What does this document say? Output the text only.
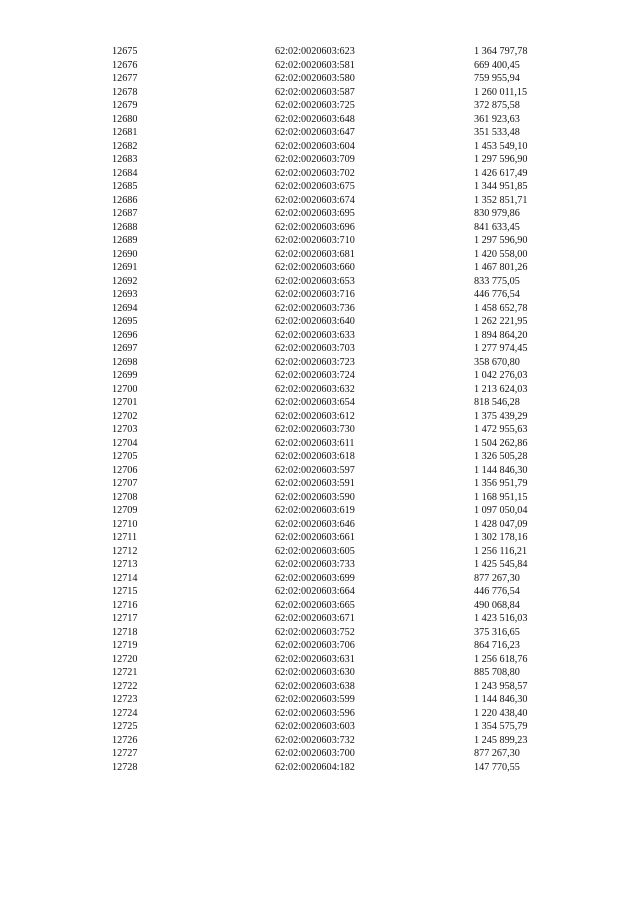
12675	62:02:0020603:623	1 364 797,78
12676	62:02:0020603:581	669 400,45
12677	62:02:0020603:580	759 955,94
12678	62:02:0020603:587	1 260 011,15
12679	62:02:0020603:725	372 875,58
12680	62:02:0020603:648	361 923,63
12681	62:02:0020603:647	351 533,48
12682	62:02:0020603:604	1 453 549,10
12683	62:02:0020603:709	1 297 596,90
12684	62:02:0020603:702	1 426 617,49
12685	62:02:0020603:675	1 344 951,85
12686	62:02:0020603:674	1 352 851,71
12687	62:02:0020603:695	830 979,86
12688	62:02:0020603:696	841 633,45
12689	62:02:0020603:710	1 297 596,90
12690	62:02:0020603:681	1 420 558,00
12691	62:02:0020603:660	1 467 801,26
12692	62:02:0020603:653	833 775,05
12693	62:02:0020603:716	446 776,54
12694	62:02:0020603:736	1 458 652,78
12695	62:02:0020603:640	1 262 221,95
12696	62:02:0020603:633	1 894 864,20
12697	62:02:0020603:703	1 277 974,45
12698	62:02:0020603:723	358 670,80
12699	62:02:0020603:724	1 042 276,03
12700	62:02:0020603:632	1 213 624,03
12701	62:02:0020603:654	818 546,28
12702	62:02:0020603:612	1 375 439,29
12703	62:02:0020603:730	1 472 955,63
12704	62:02:0020603:611	1 504 262,86
12705	62:02:0020603:618	1 326 505,28
12706	62:02:0020603:597	1 144 846,30
12707	62:02:0020603:591	1 356 951,79
12708	62:02:0020603:590	1 168 951,15
12709	62:02:0020603:619	1 097 050,04
12710	62:02:0020603:646	1 428 047,09
12711	62:02:0020603:661	1 302 178,16
12712	62:02:0020603:605	1 256 116,21
12713	62:02:0020603:733	1 425 545,84
12714	62:02:0020603:699	877 267,30
12715	62:02:0020603:664	446 776,54
12716	62:02:0020603:665	490 068,84
12717	62:02:0020603:671	1 423 516,03
12718	62:02:0020603:752	375 316,65
12719	62:02:0020603:706	864 716,23
12720	62:02:0020603:631	1 256 618,76
12721	62:02:0020603:630	885 708,80
12722	62:02:0020603:638	1 243 958,57
12723	62:02:0020603:599	1 144 846,30
12724	62:02:0020603:596	1 220 438,40
12725	62:02:0020603:603	1 354 575,79
12726	62:02:0020603:732	1 245 899,23
12727	62:02:0020603:700	877 267,30
12728	62:02:0020604:182	147 770,55
